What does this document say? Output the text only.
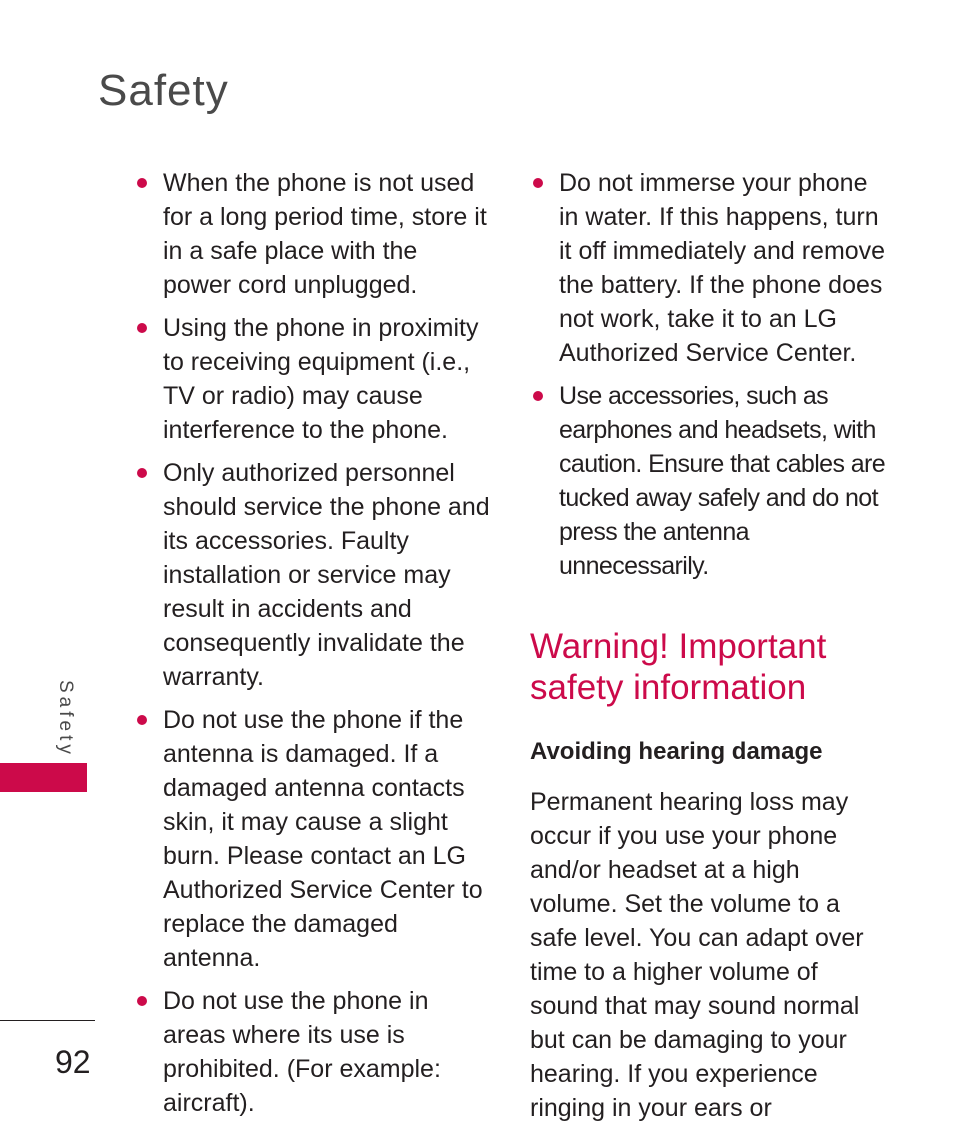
Safety
Safety
When the phone is not used for a long period time, store it in a safe place with the power cord unplugged.
Using the phone in proximity to receiving equipment (i.e., TV or radio) may cause interference to the phone.
Only authorized personnel should service the phone and its accessories. Faulty installation or service may result in accidents and consequently invalidate the warranty.
Do not use the phone if the antenna is damaged. If a damaged antenna contacts skin, it may cause a slight burn. Please contact an LG Authorized Service Center to replace the damaged antenna.
Do not use the phone in areas where its use is prohibited. (For example: aircraft).
Do not immerse your phone in water. If this happens, turn it off immediately and remove the battery. If the phone does not work, take it to an LG Authorized Service Center.
Use accessories, such as earphones and headsets, with caution. Ensure that cables are tucked away safely and do not press the antenna unnecessarily.
Warning! Important safety information
Avoiding hearing damage

Permanent hearing loss may occur if you use your phone and/or headset at a high volume. Set the volume to a safe level. You can adapt over time to a higher volume of sound that may sound normal but can be damaging to your hearing. If you experience ringing in your ears or

92
